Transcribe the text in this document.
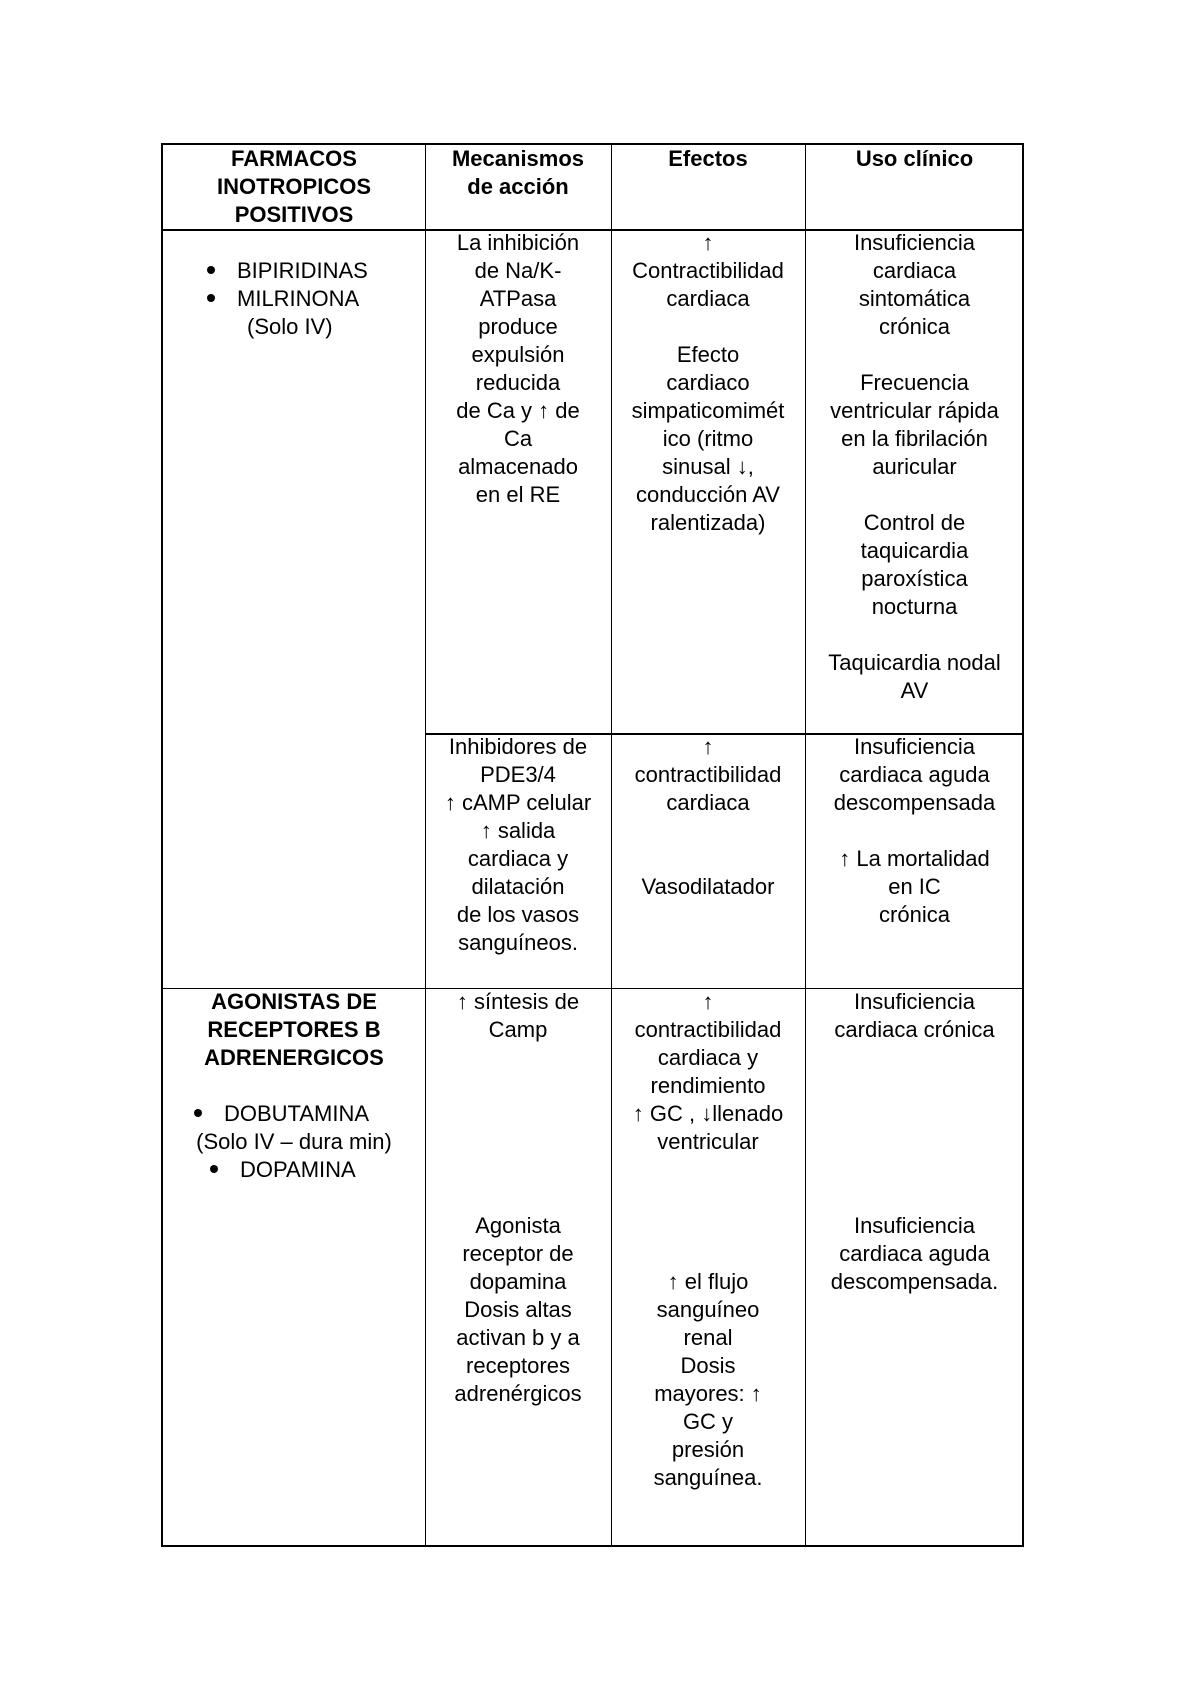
FARMACOS
INOTROPICOS
POSITIVOS
Mecanismos
de acción
Efectos	Uso clínico
BIPIRIDINAS
MILRINONA
(Solo IV)
La inhibición
de Na/K-
ATPasa
produce
expulsión
reducida
de Ca y ↑ de
Ca
almacenado
en el RE
↑
Contractibilidad
cardiaca

Efecto
cardiaco
simpaticomimét
ico (ritmo
sinusal ↓,
conducción AV
ralentizada)
Insuficiencia
cardiaca
sintomática
crónica

Frecuencia
ventricular rápida
en la fibrilación
auricular

Control de
taquicardia
paroxística
nocturna

Taquicardia nodal
AV
Inhibidores de
PDE3/4
↑ cAMP celular
↑ salida
cardiaca y
dilatación
de los vasos
sanguíneos.
↑
contractibilidad
cardiaca

Vasodilatador
Insuficiencia
cardiaca aguda
descompensada

↑ La mortalidad
en IC
crónica
AGONISTAS DE
RECEPTORES B
ADRENERGICOS
DOBUTAMINA
(Solo IV – dura min)
DOPAMINA
↑ síntesis de
Camp
↑
contractibilidad
cardiaca y
rendimiento
↑ GC , ↓llenado
ventricular
Insuficiencia
cardiaca crónica
Agonista
receptor de
dopamina
Dosis altas
activan b y a
receptores
adrenérgicos
↑ el flujo
sanguíneo
renal
Dosis
mayores: ↑
GC y
presión
sanguínea.
Insuficiencia
cardiaca aguda
descompensada.
